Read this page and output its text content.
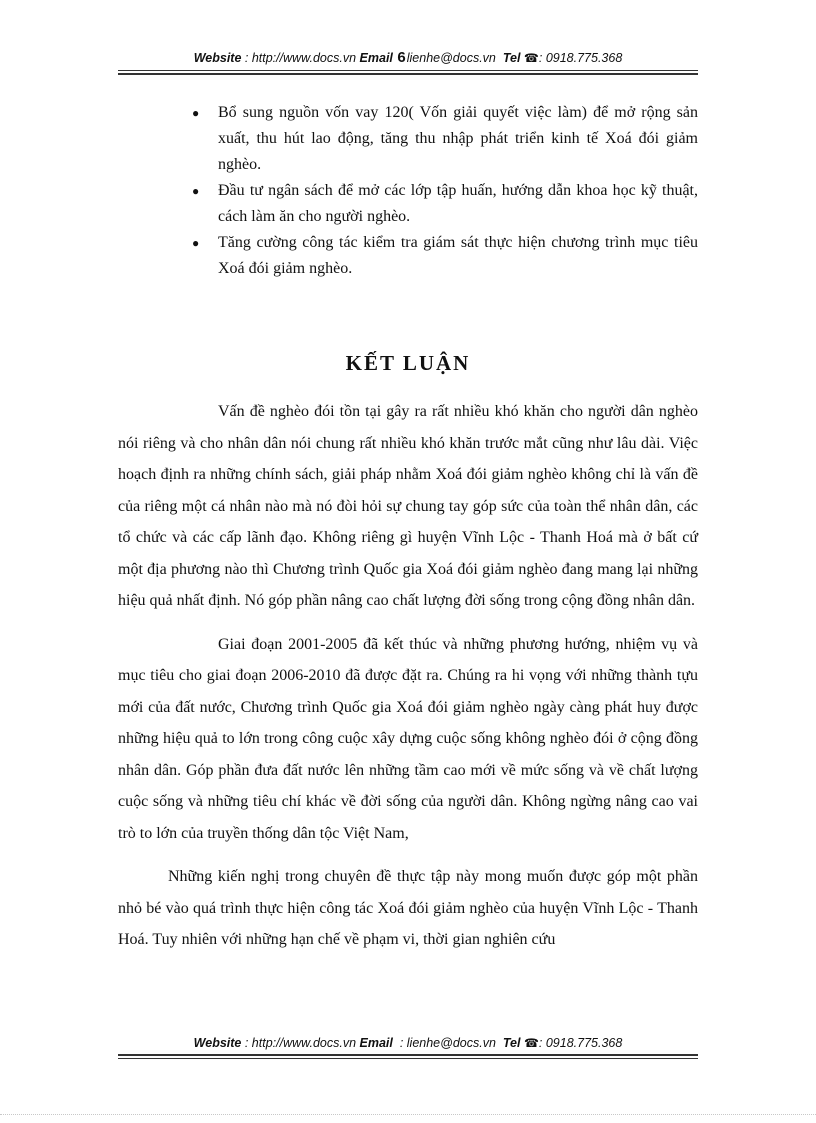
Website : http://www.docs.vn Email 6lienhe@docs.vn Tel ☎: 0918.775.368
● Bổ sung nguồn vốn vay 120( Vốn giải quyết việc làm) để mở rộng sản xuất, thu hút lao động, tăng thu nhập phát triển kinh tế Xoá đói giảm nghèo.
● Đầu tư ngân sách để mở các lớp tập huấn, hướng dẫn khoa học kỹ thuật, cách làm ăn cho người nghèo.
● Tăng cường công tác kiểm tra giám sát thực hiện chương trình mục tiêu Xoá đói giảm nghèo.
KẾT LUẬN

Vấn đề nghèo đói tồn tại gây ra rất nhiều khó khăn cho người dân nghèo nói riêng và cho nhân dân nói chung rất nhiều khó khăn trước mắt cũng như lâu dài. Việc hoạch định ra những chính sách, giải pháp nhằm Xoá đói giảm nghèo không chỉ là vấn đề của riêng một cá nhân nào mà nó đòi hỏi sự chung tay góp sức của toàn thể nhân dân, các tổ chức và các cấp lãnh đạo. Không riêng gì huyện Vĩnh Lộc - Thanh Hoá mà ở bất cứ một địa phương nào thì Chương trình Quốc gia Xoá đói giảm nghèo đang mang lại những hiệu quả nhất định. Nó góp phần nâng cao chất lượng đời sống trong cộng đồng nhân dân.

Giai đoạn 2001-2005 đã kết thúc và những phương hướng, nhiệm vụ và mục tiêu cho giai đoạn 2006-2010 đã được đặt ra. Chúng ra hi vọng với những thành tựu mới của đất nước, Chương trình Quốc gia Xoá đói giảm nghèo ngày càng phát huy được những hiệu quả to lớn trong công cuộc xây dựng cuộc sống không nghèo đói ở cộng đồng nhân dân. Góp phần đưa đất nước lên những tầm cao mới về mức sống và về chất lượng cuộc sống và những tiêu chí khác về đời sống của người dân. Không ngừng nâng cao vai trò to lớn của truyền thống dân tộc Việt Nam,

Những kiến nghị trong chuyên đề thực tập này mong muốn được góp một phần nhỏ bé vào quá trình thực hiện công tác Xoá đói giảm nghèo của huyện Vĩnh Lộc - Thanh Hoá. Tuy nhiên với những hạn chế về phạm vi, thời gian nghiên cứu

Website : http://www.docs.vn Email : lienhe@docs.vn Tel ☎: 0918.775.368
